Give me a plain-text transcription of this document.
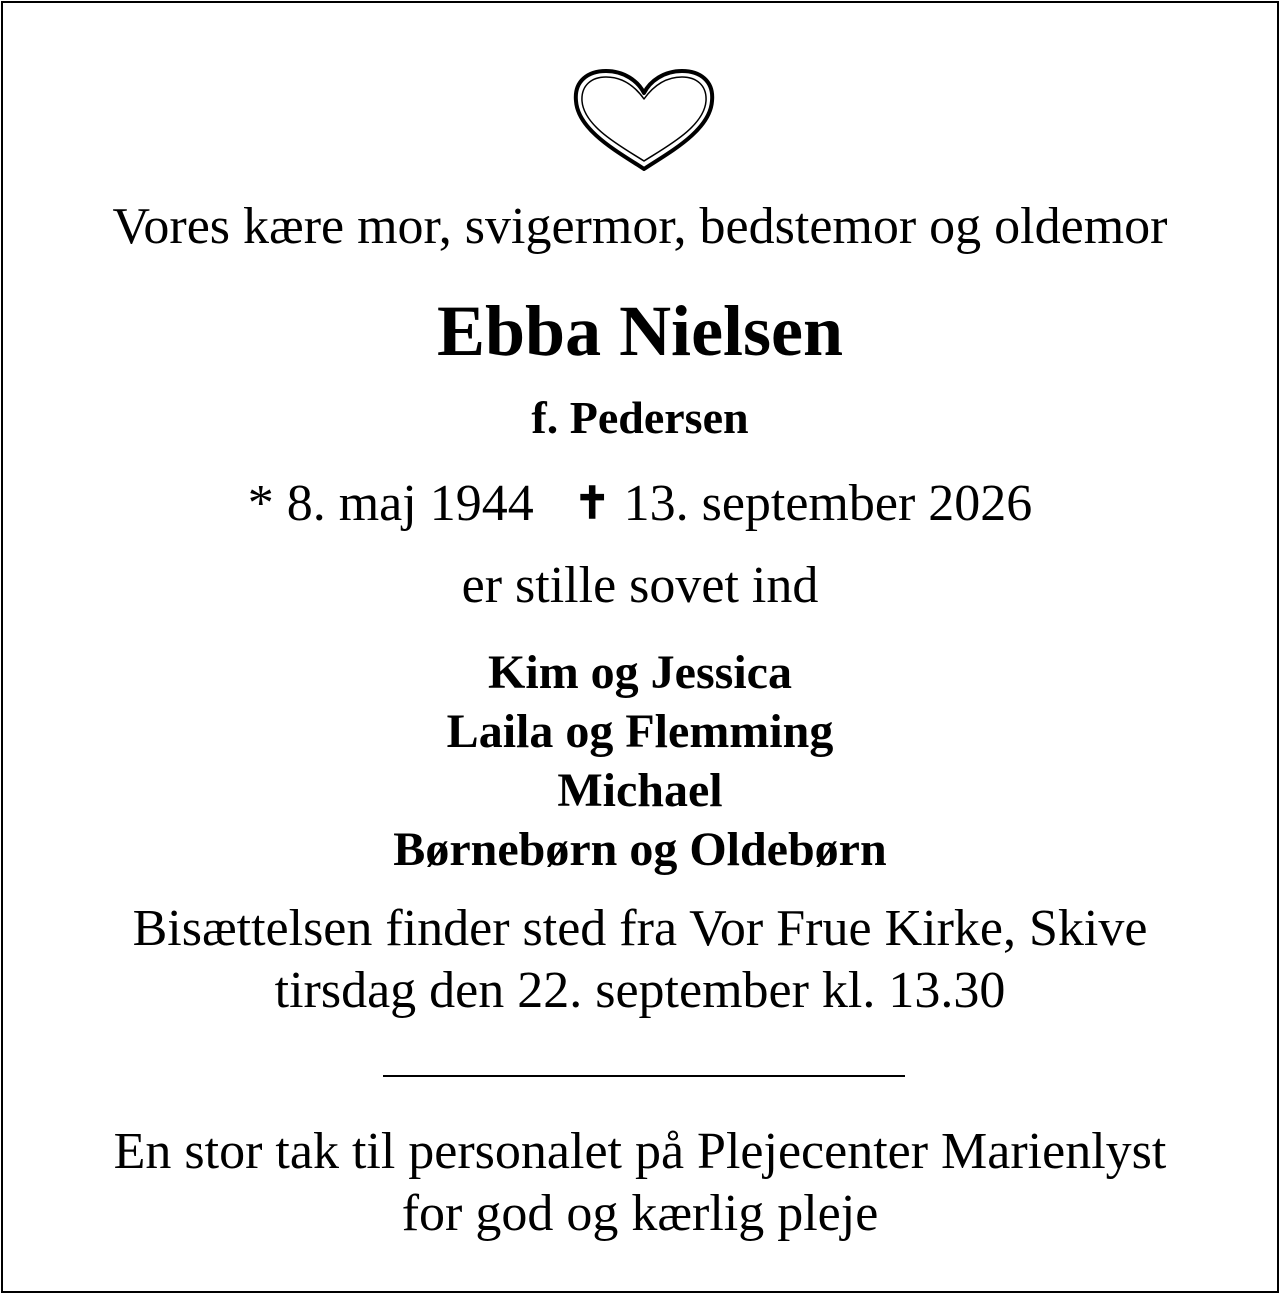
Vores kære mor, svigermor, bedstemor og oldemor
Ebba Nielsen
f. Pedersen
* 8. maj 1944 ✝ 13. september 2026
er stille sovet ind
Kim og Jessica
Laila og Flemming
Michael
Børnebørn og Oldebørn
Bisættelsen finder sted fra Vor Frue Kirke, Skive
tirsdag den 22. september kl. 13.30
En stor tak til personalet på Plejecenter Marienlyst
for god og kærlig pleje
